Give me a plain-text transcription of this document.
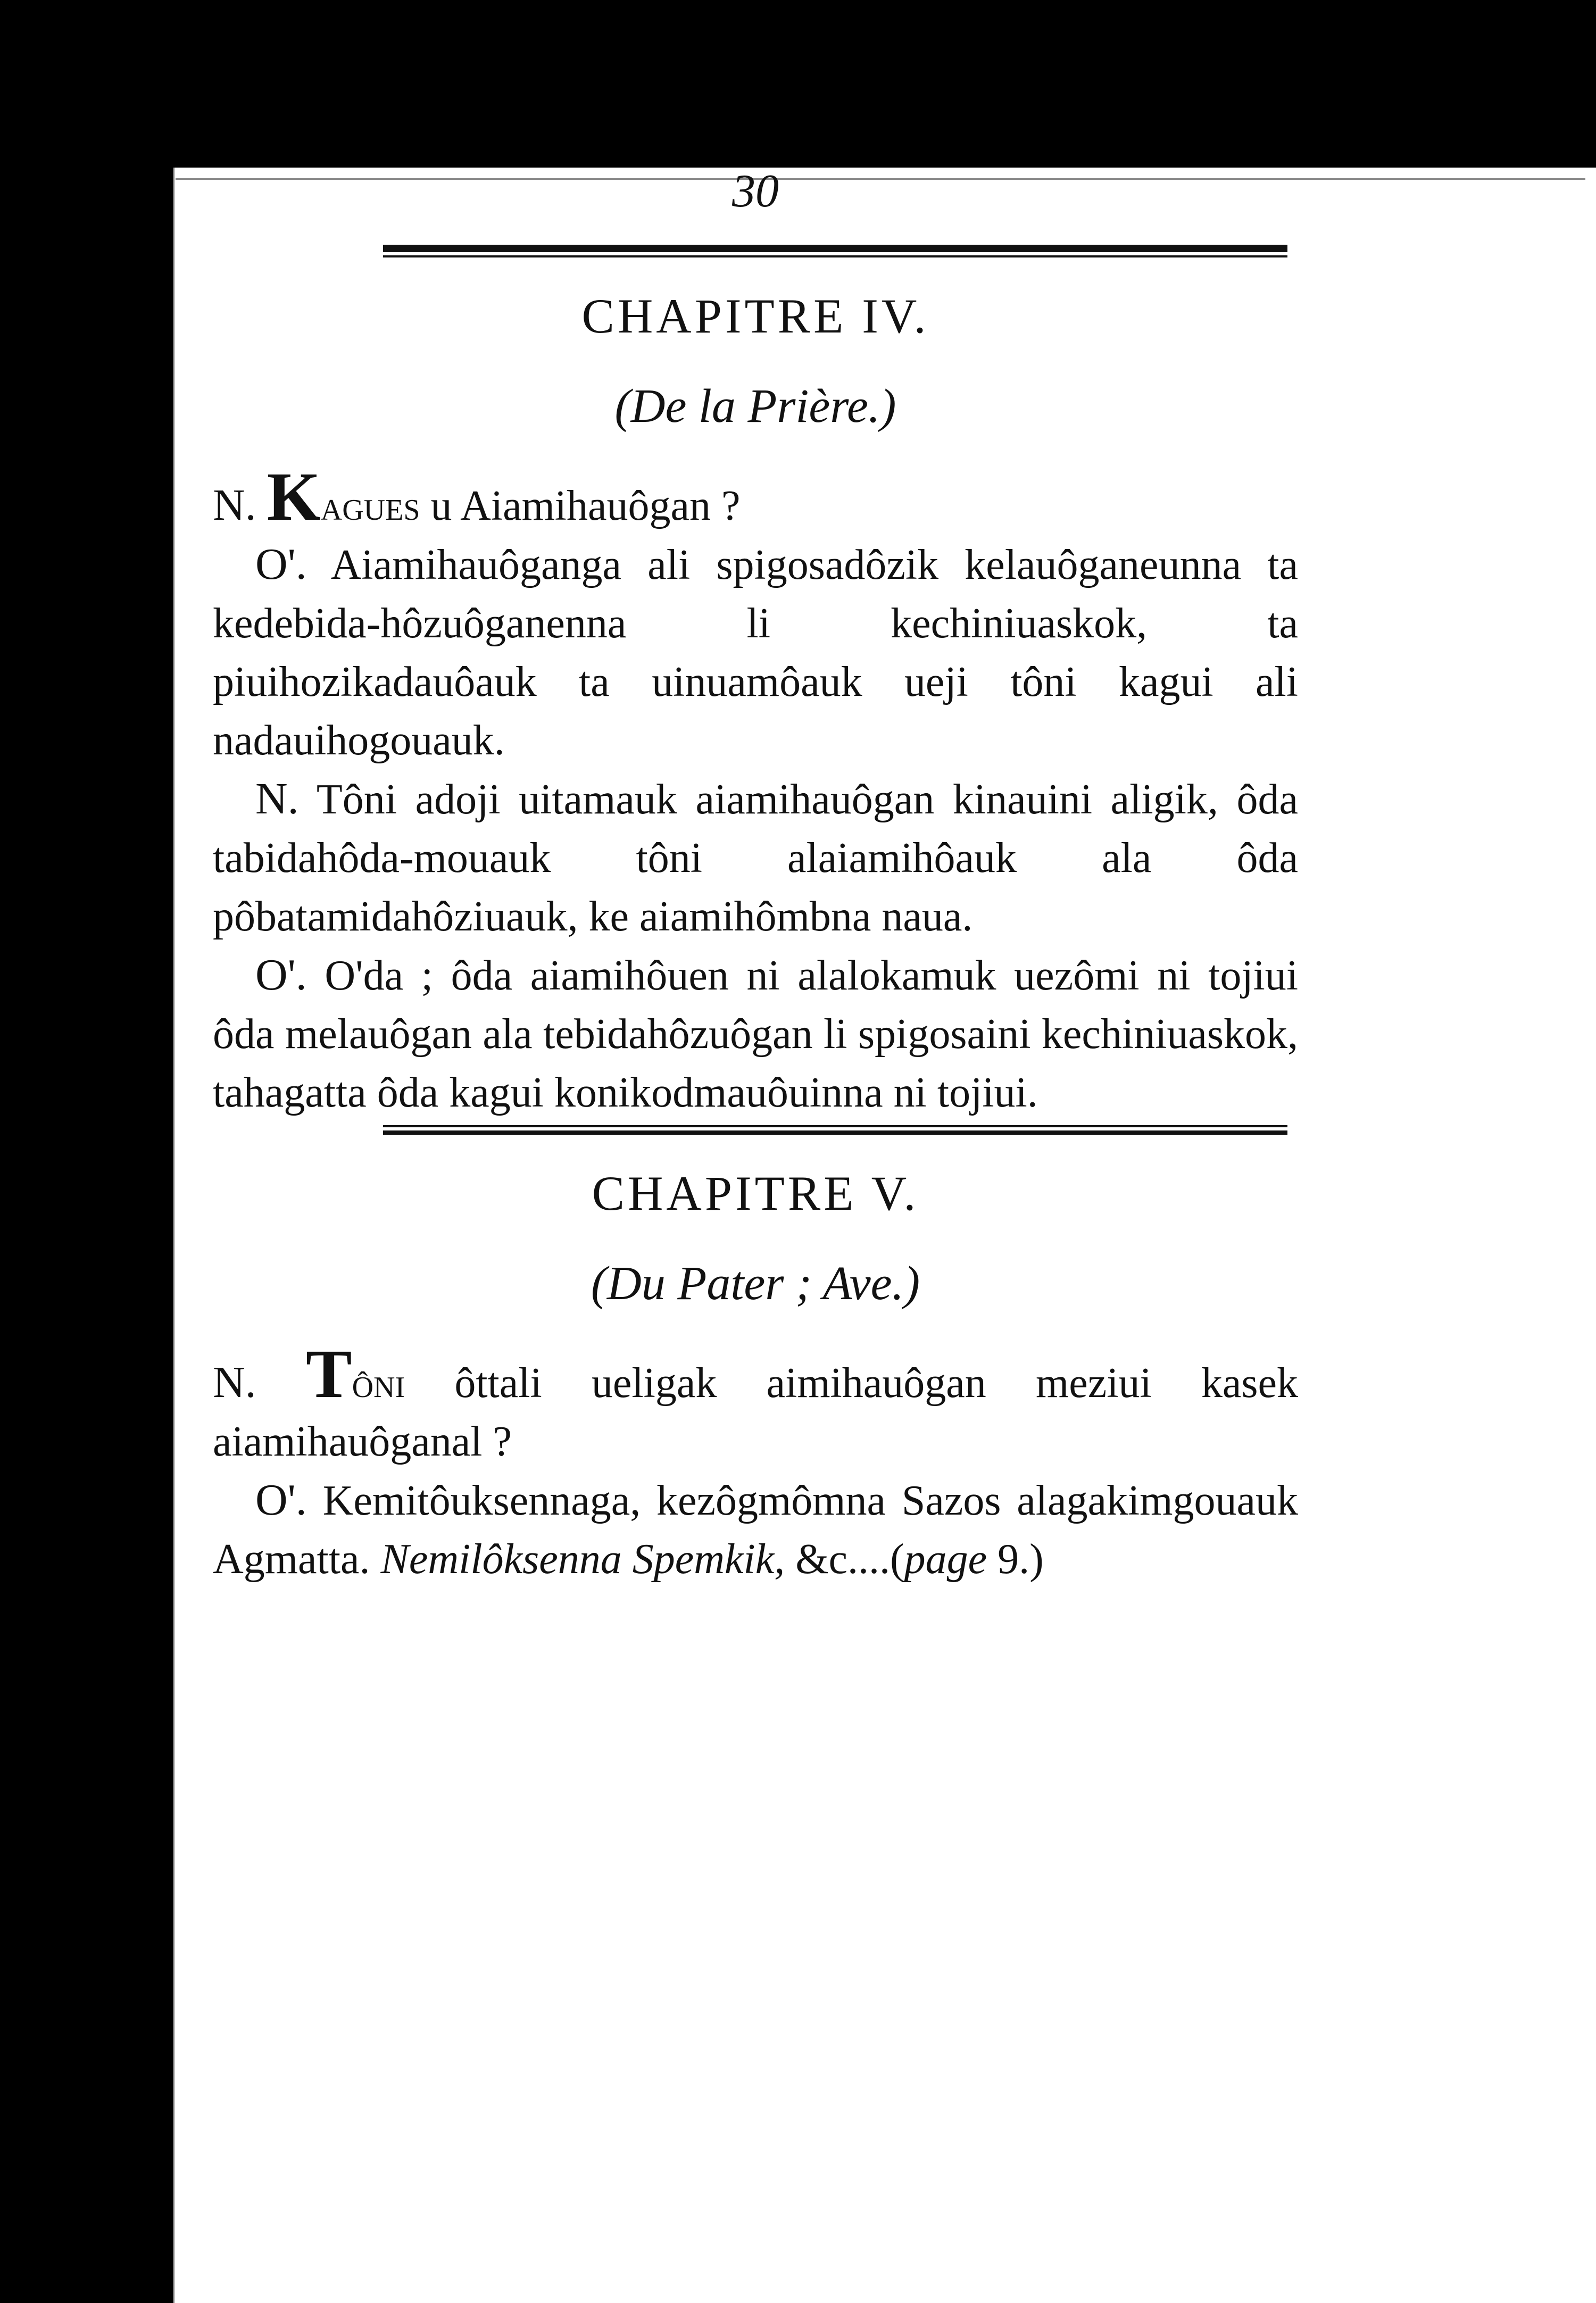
30
CHAPITRE IV.
(De la Prière.)

N. Kagues u Aiamihauôgan ?

O'. Aiamihauôganga ali spigosadôzik kelauôganeunna ta kedebida-hôzuôganenna li kechiniuaskok, ta piuihozikadauôauk ta uinuamôauk ueji tôni kagui ali nadauihogouauk.

N. Tôni adoji uitamauk aiamihauôgan kinauini aligik, ôda tabidahôda-mouauk tôni alaiamihôauk ala ôda pôbatamidahôziuauk, ke aiamihômbna naua.

O'. O'da ; ôda aiamihôuen ni alalokamuk uezômi ni tojiui ôda melauôgan ala tebidahôzuôgan li spigosaini kechiniuaskok, tahagatta ôda kagui konikodmauôuinna ni tojiui.

CHAPITRE V.
(Du Pater ; Ave.)

N. Tôni ôttali ueligak aimihauôgan meziui kasek aiamihauôganal ?

O'. Kemitôuksennaga, kezôgmômna Sazos alagakimgouauk Agmatta. Nemilôksenna Spemkik, &c....(page 9.)
